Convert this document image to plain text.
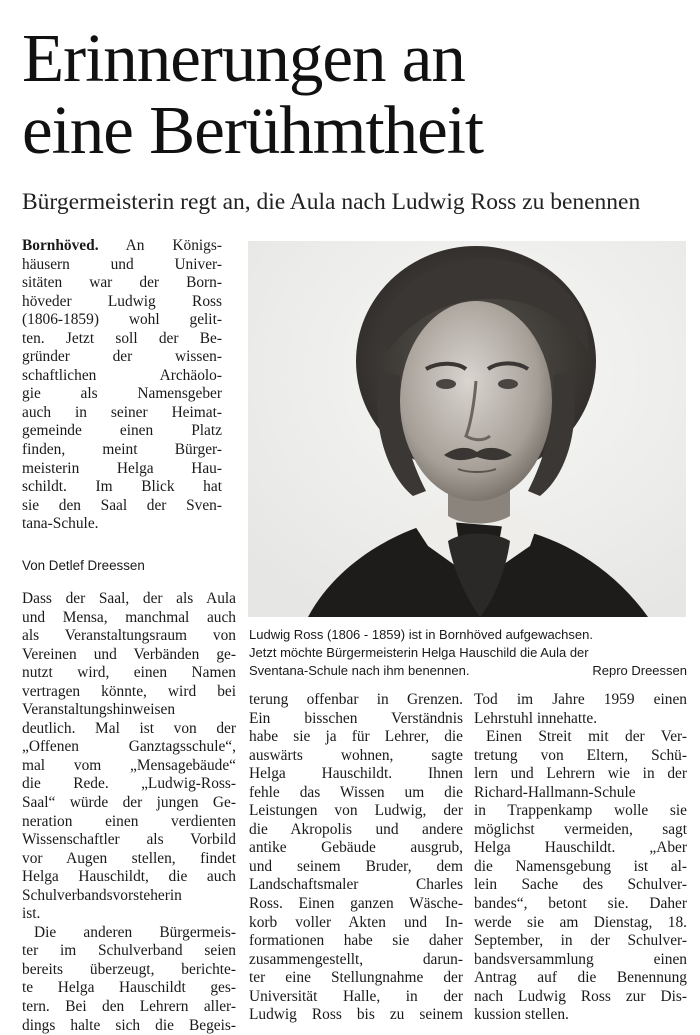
Erinnerungen an
eine Berühmtheit
Bürgermeisterin regt an, die Aula nach Ludwig Ross zu benennen
Bornhöved. An Königs-
häusern und Univer-
sitäten war der Born-
höveder Ludwig Ross
(1806-1859) wohl gelit-
ten. Jetzt soll der Be-
gründer der wissen-
schaftlichen Archäolo-
gie als Namensgeber
auch in seiner Heimat-
gemeinde einen Platz
finden, meint Bürger-
meisterin Helga Hau-
schildt. Im Blick hat
sie den Saal der Sven-
tana-Schule.
Von Detlef Dreessen
Dass der Saal, der als Aula
und Mensa, manchmal auch
als Veranstaltungsraum von
Vereinen und Verbänden ge-
nutzt wird, einen Namen
vertragen könnte, wird bei
Veranstaltungshinweisen
deutlich. Mal ist von der
„Offenen Ganztagsschule“,
mal vom „Mensagebäude“
die Rede. „Ludwig-Ross-
Saal“ würde der jungen Ge-
neration einen verdienten
Wissenschaftler als Vorbild
vor Augen stellen, findet
Helga Hauschildt, die auch
Schulverbandsvorsteherin
ist.
Die anderen Bürgermeis-
ter im Schulverband seien
bereits überzeugt, berichte-
te Helga Hauschildt ges-
tern. Bei den Lehrern aller-
dings halte sich die Begeis-
Ludwig Ross (1806 - 1859) ist in Bornhöved aufgewachsen.
Jetzt möchte Bürgermeisterin Helga Hauschild die Aula der
Sventana-Schule nach ihm benennen.	Repro Dreessen
terung offenbar in Grenzen.
Ein bisschen Verständnis
habe sie ja für Lehrer, die
auswärts wohnen, sagte
Helga Hauschildt. Ihnen
fehle das Wissen um die
Leistungen von Ludwig, der
die Akropolis und andere
antike Gebäude ausgrub,
und seinem Bruder, dem
Landschaftsmaler Charles
Ross. Einen ganzen Wäsche-
korb voller Akten und In-
formationen habe sie daher
zusammengestellt, darun-
ter eine Stellungnahme der
Universität Halle, in der
Ludwig Ross bis zu seinem
Tod im Jahre 1959 einen
Lehrstuhl innehatte.
Einen Streit mit der Ver-
tretung von Eltern, Schü-
lern und Lehrern wie in der
Richard-Hallmann-Schule
in Trappenkamp wolle sie
möglichst vermeiden, sagt
Helga Hauschildt. „Aber
die Namensgebung ist al-
lein Sache des Schulver-
bandes“, betont sie. Daher
werde sie am Dienstag, 18.
September, in der Schulver-
bandsversammlung einen
Antrag auf die Benennung
nach Ludwig Ross zur Dis-
kussion stellen.
